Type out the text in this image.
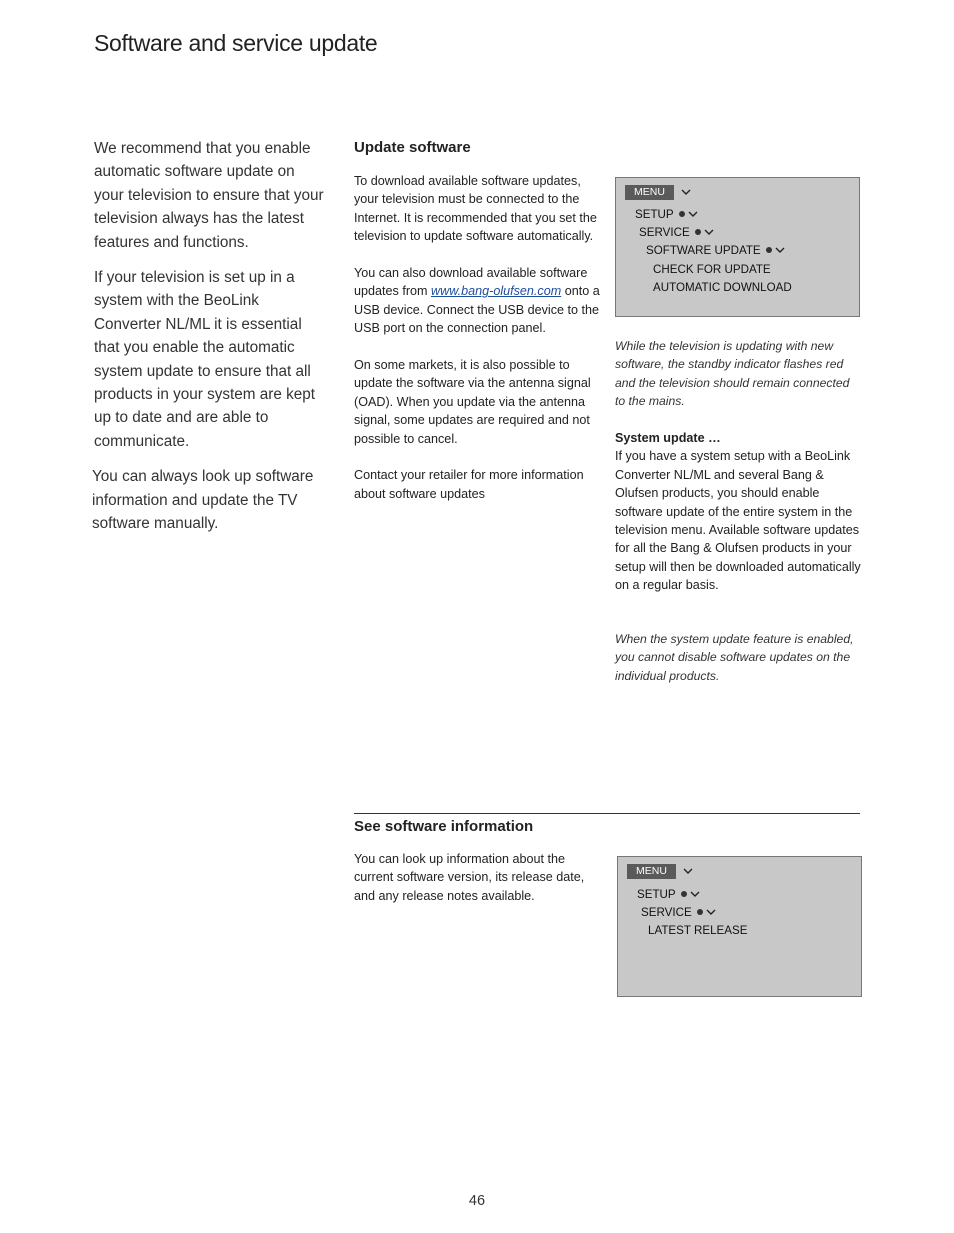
Software and service update

We recommend that you enable automatic software update on your television to ensure that your television always has the latest features and functions.

If your television is set up in a system with the BeoLink Converter NL/ML it is essential that you enable the automatic system update to ensure that all products in your system are kept up to date and are able to communicate.

You can always look up software information and update the TV software manually.

Update software

To download available software updates, your television must be connected to the Internet. It is recommended that you set the television to update software automatically.

You can also download available software updates from www.bang-olufsen.com onto a USB device. Connect the USB device to the USB port on the connection panel.

On some markets, it is also possible to update the software via the antenna signal (OAD). When you update via the antenna signal, some updates are required and not possible to cancel.

Contact your retailer for more information about software updates

MENU
SETUP
SERVICE
SOFTWARE UPDATE
CHECK FOR UPDATE
AUTOMATIC DOWNLOAD
While the television is updating with new software, the standby indicator flashes red and the television should remain connected to the mains.
System update …
If you have a system setup with a BeoLink Converter NL/ML and several Bang & Olufsen products, you should enable software update of the entire system in the television menu. Available software updates for all the Bang & Olufsen products in your setup will then be downloaded automatically on a regular basis.
When the system update feature is enabled, you cannot disable software updates on the individual products.
See software information
You can look up information about the current software version, its release date, and any release notes available.
MENU
SETUP
SERVICE
LATEST RELEASE
46
